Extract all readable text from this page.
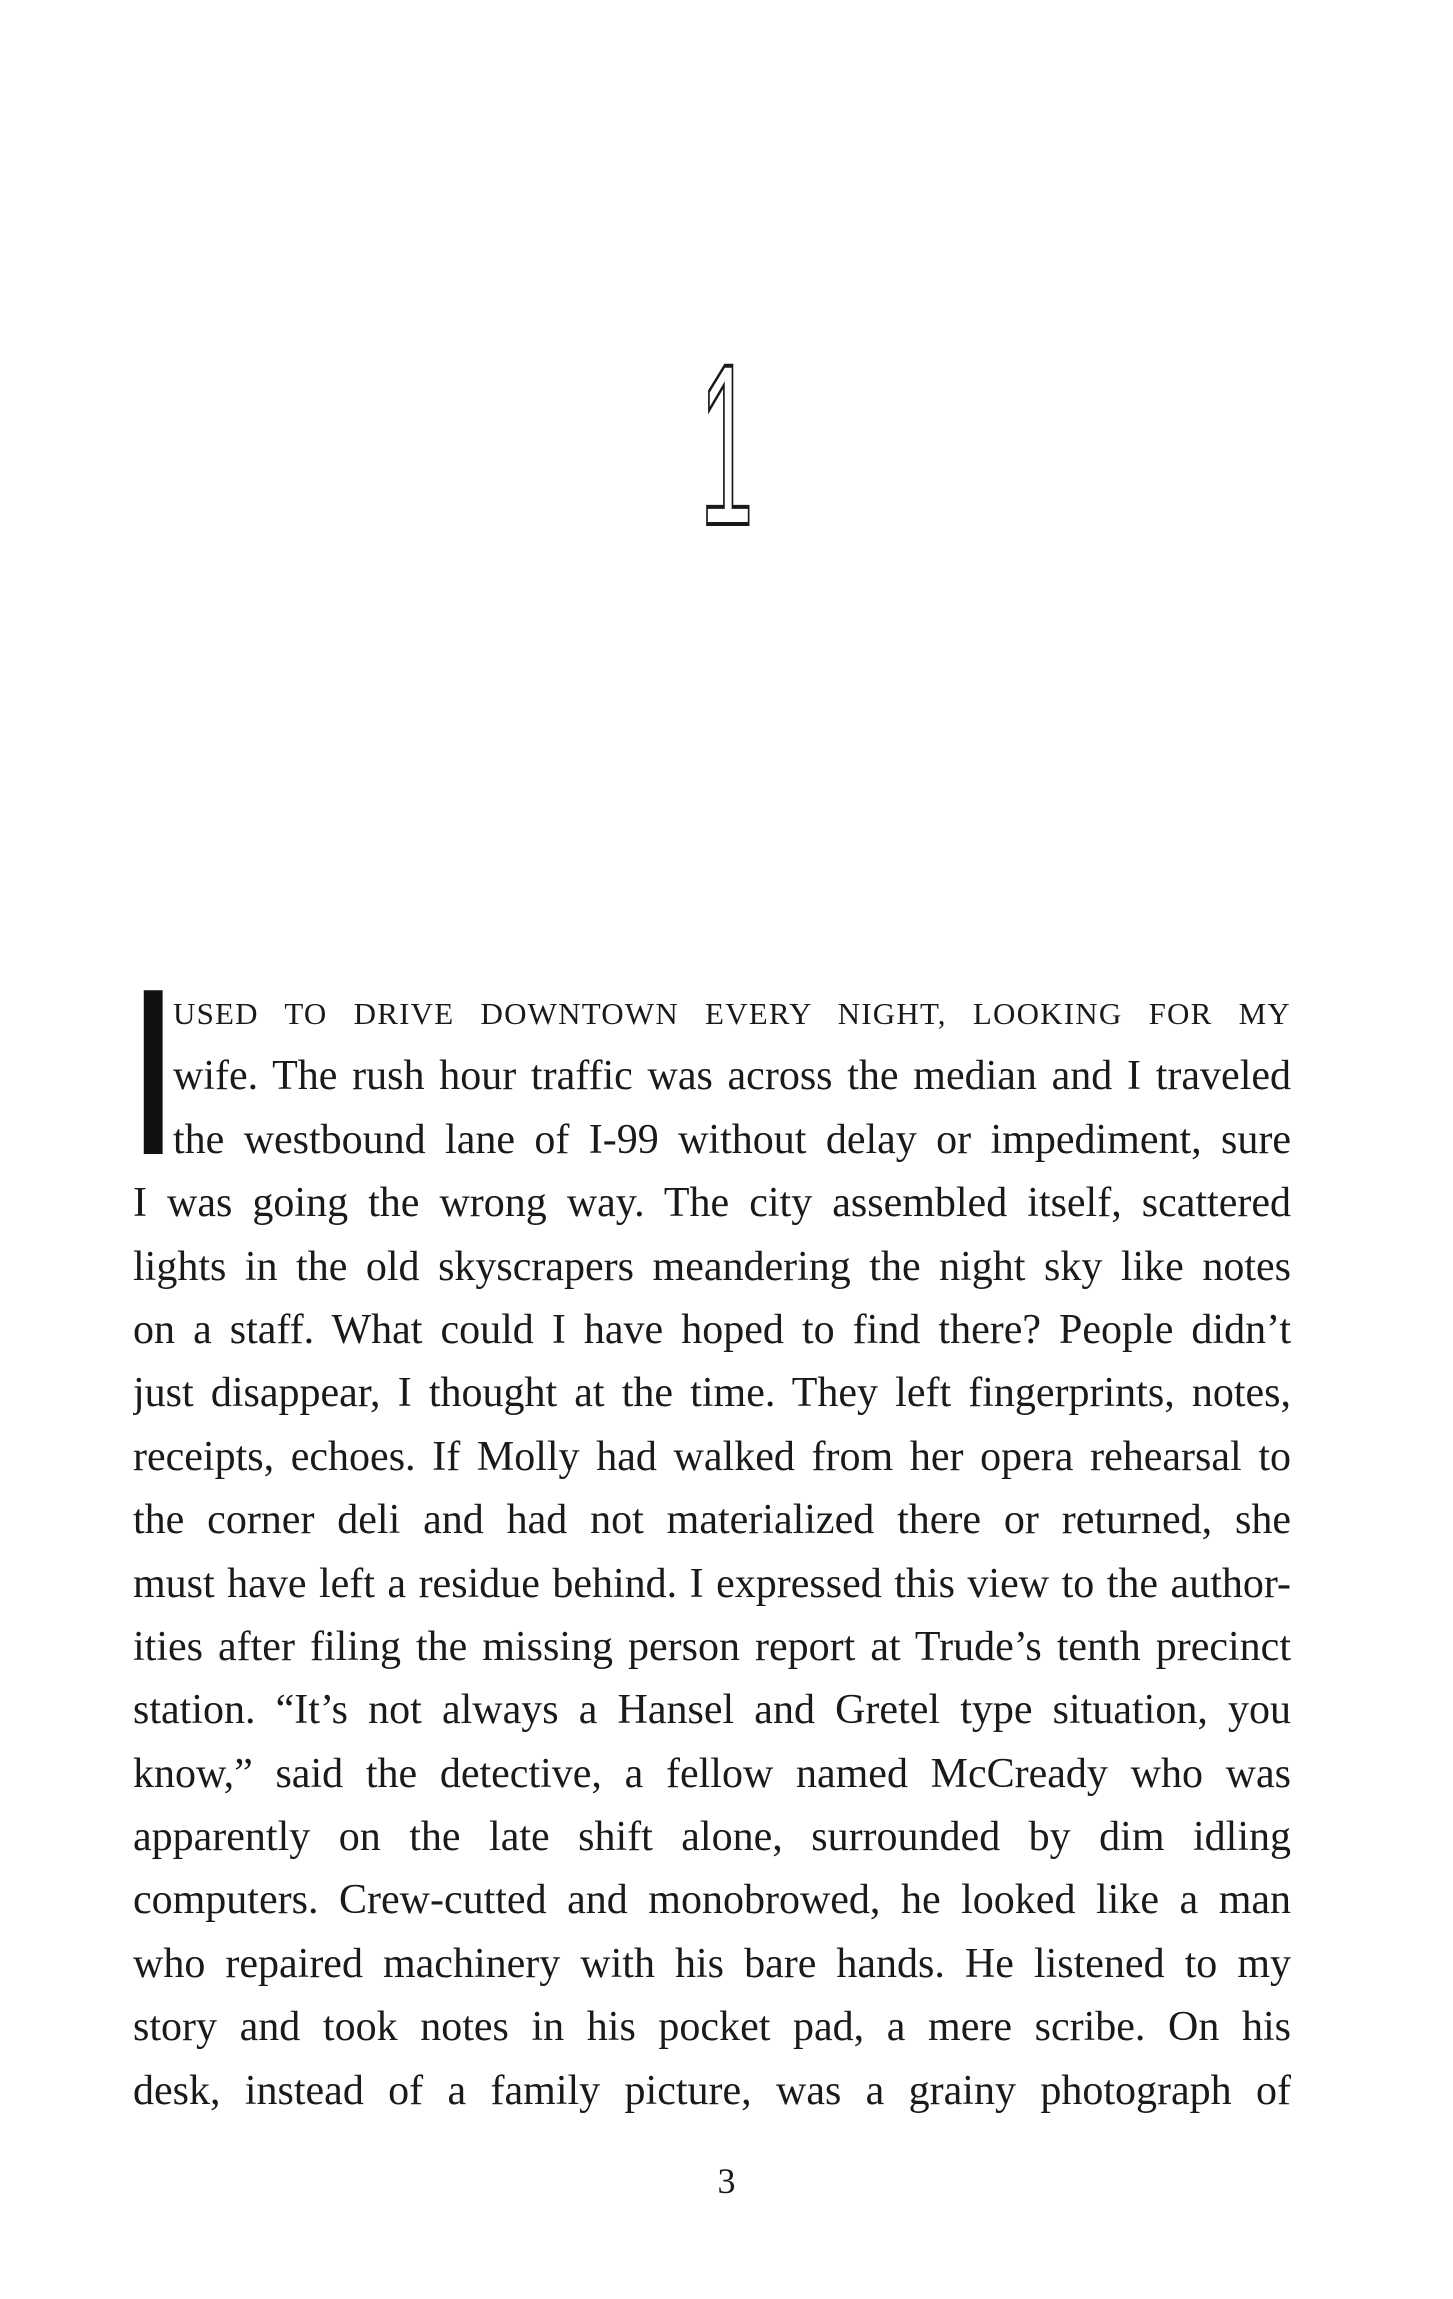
1
I USED TO DRIVE DOWNTOWN EVERY NIGHT, LOOKING FOR MY
wife. The rush hour traffic was across the median and I traveled
the westbound lane of I-99 without delay or impediment, sure
I was going the wrong way. The city assembled itself, scattered
lights in the old skyscrapers meandering the night sky like notes
on a staff. What could I have hoped to find there? People didn’t
just disappear, I thought at the time. They left fingerprints, notes,
receipts, echoes. If Molly had walked from her opera rehearsal to
the corner deli and had not materialized there or returned, she
must have left a residue behind. I expressed this view to the author-
ities after filing the missing person report at Trude’s tenth precinct
station. “It’s not always a Hansel and Gretel type situation, you
know,” said the detective, a fellow named McCready who was
apparently on the late shift alone, surrounded by dim idling
computers. Crew-cutted and monobrowed, he looked like a man
who repaired machinery with his bare hands. He listened to my
story and took notes in his pocket pad, a mere scribe. On his
desk, instead of a family picture, was a grainy photograph of
3
